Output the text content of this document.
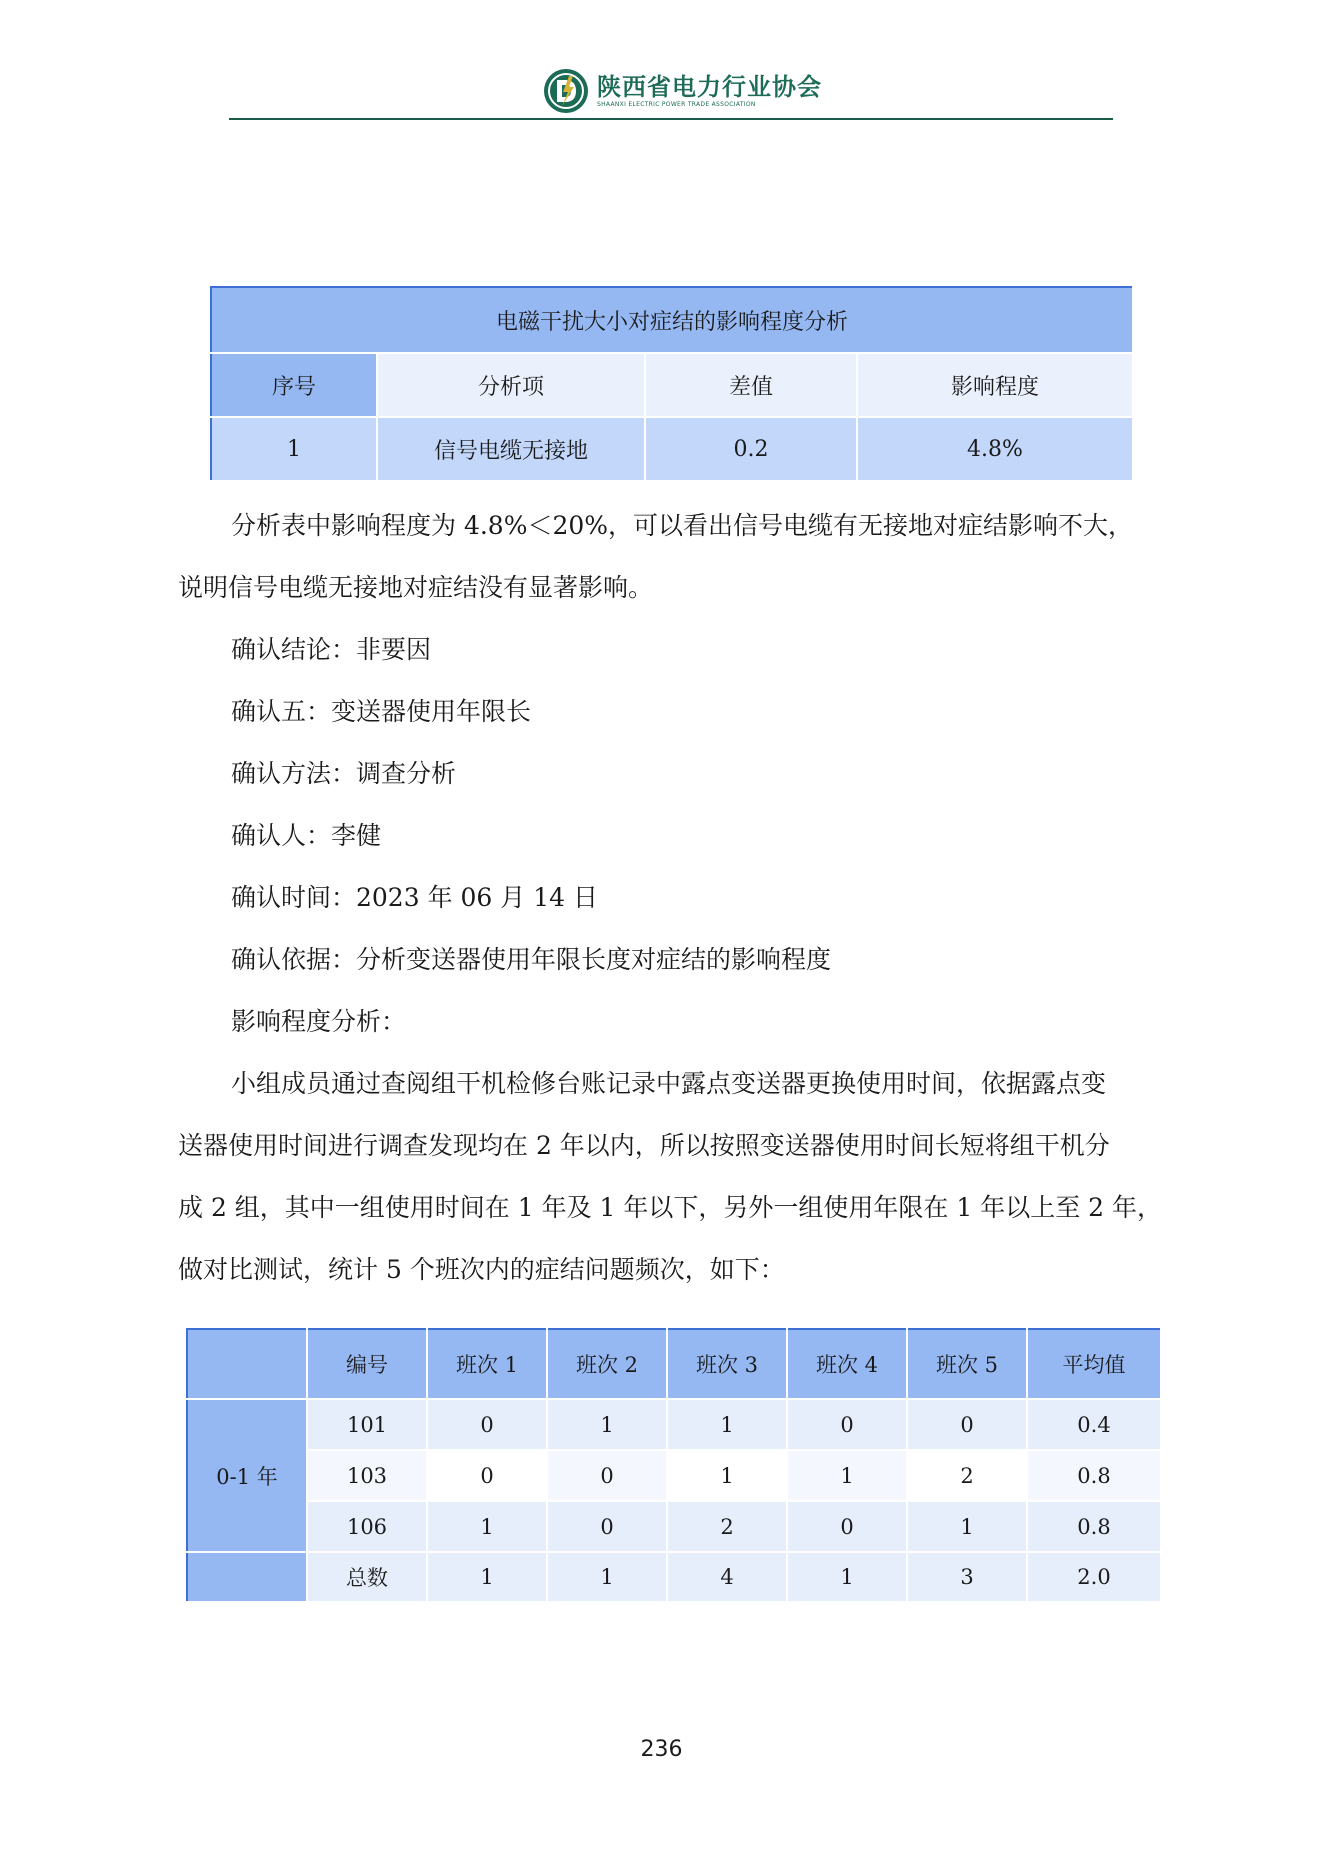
陕西省电力行业协会
SHAANXI ELECTRIC POWER TRADE ASSOCIATION
电磁干扰大小对症结的影响程度分析			
序号	分析项	差值	影响程度
1	信号电缆无接地	0.2	4.8%
分析表中影响程度为 4.8%＜20%，可以看出信号电缆有无接地对症结影响不大，
说明信号电缆无接地对症结没有显著影响。
确认结论：非要因
确认五：变送器使用年限长
确认方法：调查分析
确认人：李健
确认时间：2023 年 06 月 14 日
确认依据：分析变送器使用年限长度对症结的影响程度
影响程度分析：
小组成员通过查阅组干机检修台账记录中露点变送器更换使用时间，依据露点变
送器使用时间进行调查发现均在 2 年以内，所以按照变送器使用时间长短将组干机分
成 2 组，其中一组使用时间在 1 年及 1 年以下，另外一组使用年限在 1 年以上至 2 年，
做对比测试，统计 5 个班次内的症结问题频次，如下：
	编号	班次 1	班次 2	班次 3	班次 4	班次 5	平均值
0-1 年	101	0	1	1	0	0	0.4
	103	0	0	1	1	2	0.8
	106	1	0	2	0	1	0.8
	总数	1	1	4	1	3	2.0
236
